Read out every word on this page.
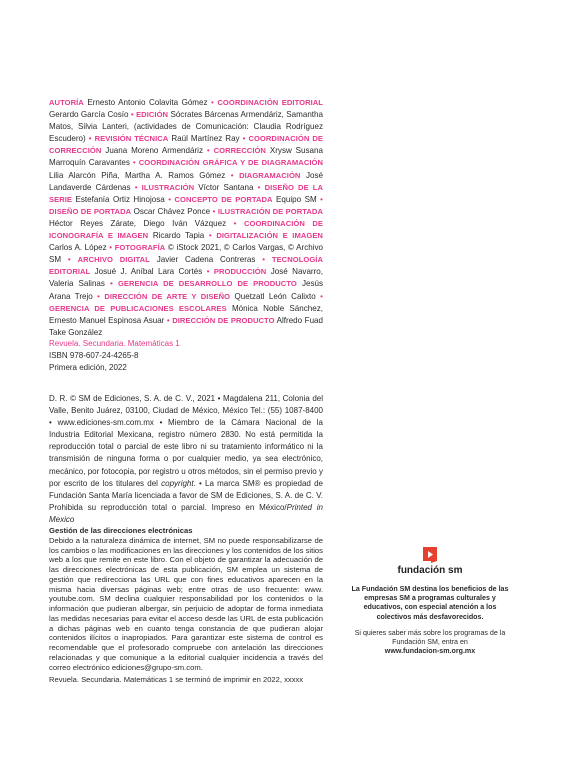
AUTORÍA Ernesto Antonio Colavita Gómez • COORDINACIÓN EDITORIAL Gerardo García Cosío • EDICIÓN Sócrates Bárcenas Armendáriz, Samantha Matos, Silvia Lanteri, (actividades de Comunicación: Claudia Rodríguez Escudero) • REVISIÓN TÉCNICA Raúl Martínez Ray • COORDINACIÓN DE CORRECCIÓN Juana Moreno Armendáriz • CORRECCIÓN Xrysw Susana Marroquín Caravantes • COORDINACIÓN GRÁFICA Y DE DIAGRAMACIÓN Lilia Alarcón Piña, Martha A. Ramos Gómez • DIAGRAMACIÓN José Landaverde Cárdenas • ILUSTRACIÓN Víctor Santana • DISEÑO DE LA SERIE Estefanía Ortiz Hinojosa • CONCEPTO DE PORTADA Equipo SM • DISEÑO DE PORTADA Oscar Chávez Ponce • ILUSTRACIÓN DE PORTADA Héctor Reyes Zárate, Diego Iván Vázquez • COORDINACIÓN DE ICONOGRAFÍA E IMAGEN Ricardo Tapia • DIGITALIZACIÓN E IMAGEN Carlos A. López • FOTOGRAFÍA © iStock 2021, © Carlos Vargas, © Archivo SM • ARCHIVO DIGITAL Javier Cadena Contreras • TECNOLOGÍA EDITORIAL Josué J. Aníbal Lara Cortés • PRODUCCIÓN José Navarro, Valeria Salinas • GERENCIA DE DESARROLLO DE PRODUCTO Jesús Arana Trejo • DIRECCIÓN DE ARTE Y DISEÑO Quetzatl León Calixto • GERENCIA DE PUBLICACIONES ESCOLARES Mónica Noble Sánchez, Ernesto Manuel Espinosa Asuar • DIRECCIÓN DE PRODUCTO Alfredo Fuad Take González
Revuela. Secundaria. Matemáticas 1
ISBN 978-607-24-4265-8
Primera edición, 2022
D. R. © SM de Ediciones, S. A. de C. V., 2021 • Magdalena 211, Colonia del Valle, Benito Juárez, 03100, Ciudad de México, México Tel.: (55) 1087-8400 • www.ediciones-sm.com.mx • Miembro de la Cámara Nacional de la Industria Editorial Mexicana, registro número 2830. No está permitida la reproducción total o parcial de este libro ni su tratamiento informático ni la transmisión de ninguna forma o por cualquier medio, ya sea electrónico, mecánico, por fotocopia, por registro u otros métodos, sin el permiso previo y por escrito de los titulares del copyright. • La marca SM® es propiedad de Fundación Santa María licenciada a favor de SM de Ediciones, S. A. de C. V. Prohibida su reproducción total o parcial. Impreso en México/Printed in Mexico
Gestión de las direcciones electrónicas
Debido a la naturaleza dinámica de internet, SM no puede responsabilizarse de los cambios o las modificaciones en las direcciones y los contenidos de los sitios web a los que remite en este libro. Con el objeto de garantizar la adecuación de las direcciones electrónicas de esta publicación, SM emplea un sistema de gestión que redirecciona las URL que con fines educativos aparecen en la misma hacia diversas páginas web; entre otras de uso frecuente: www. youtube.com. SM declina cualquier responsabilidad por los contenidos o la información que pudieran albergar, sin perjuicio de adoptar de forma inmediata las medidas necesarias para evitar el acceso desde las URL de esta publicación a dichas páginas web en cuanto tenga constancia de que pudieran alojar contenidos ilícitos o inapropiados. Para garantizar este sistema de control es recomendable que el profesorado compruebe con antelación las direcciones relacionadas y que comunique a la editorial cualquier incidencia a través del correo electrónico ediciones@grupo-sm.com.
Revuela. Secundaria. Matemáticas 1 se terminó de imprimir en 2022, xxxxx
fundación sm
La Fundación SM destina los beneficios de las empresas SM a programas culturales y educativos, con especial atención a los colectivos más desfavorecidos.
Si quieres saber más sobre los programas de la Fundación SM, entra en
www.fundacion-sm.org.mx
